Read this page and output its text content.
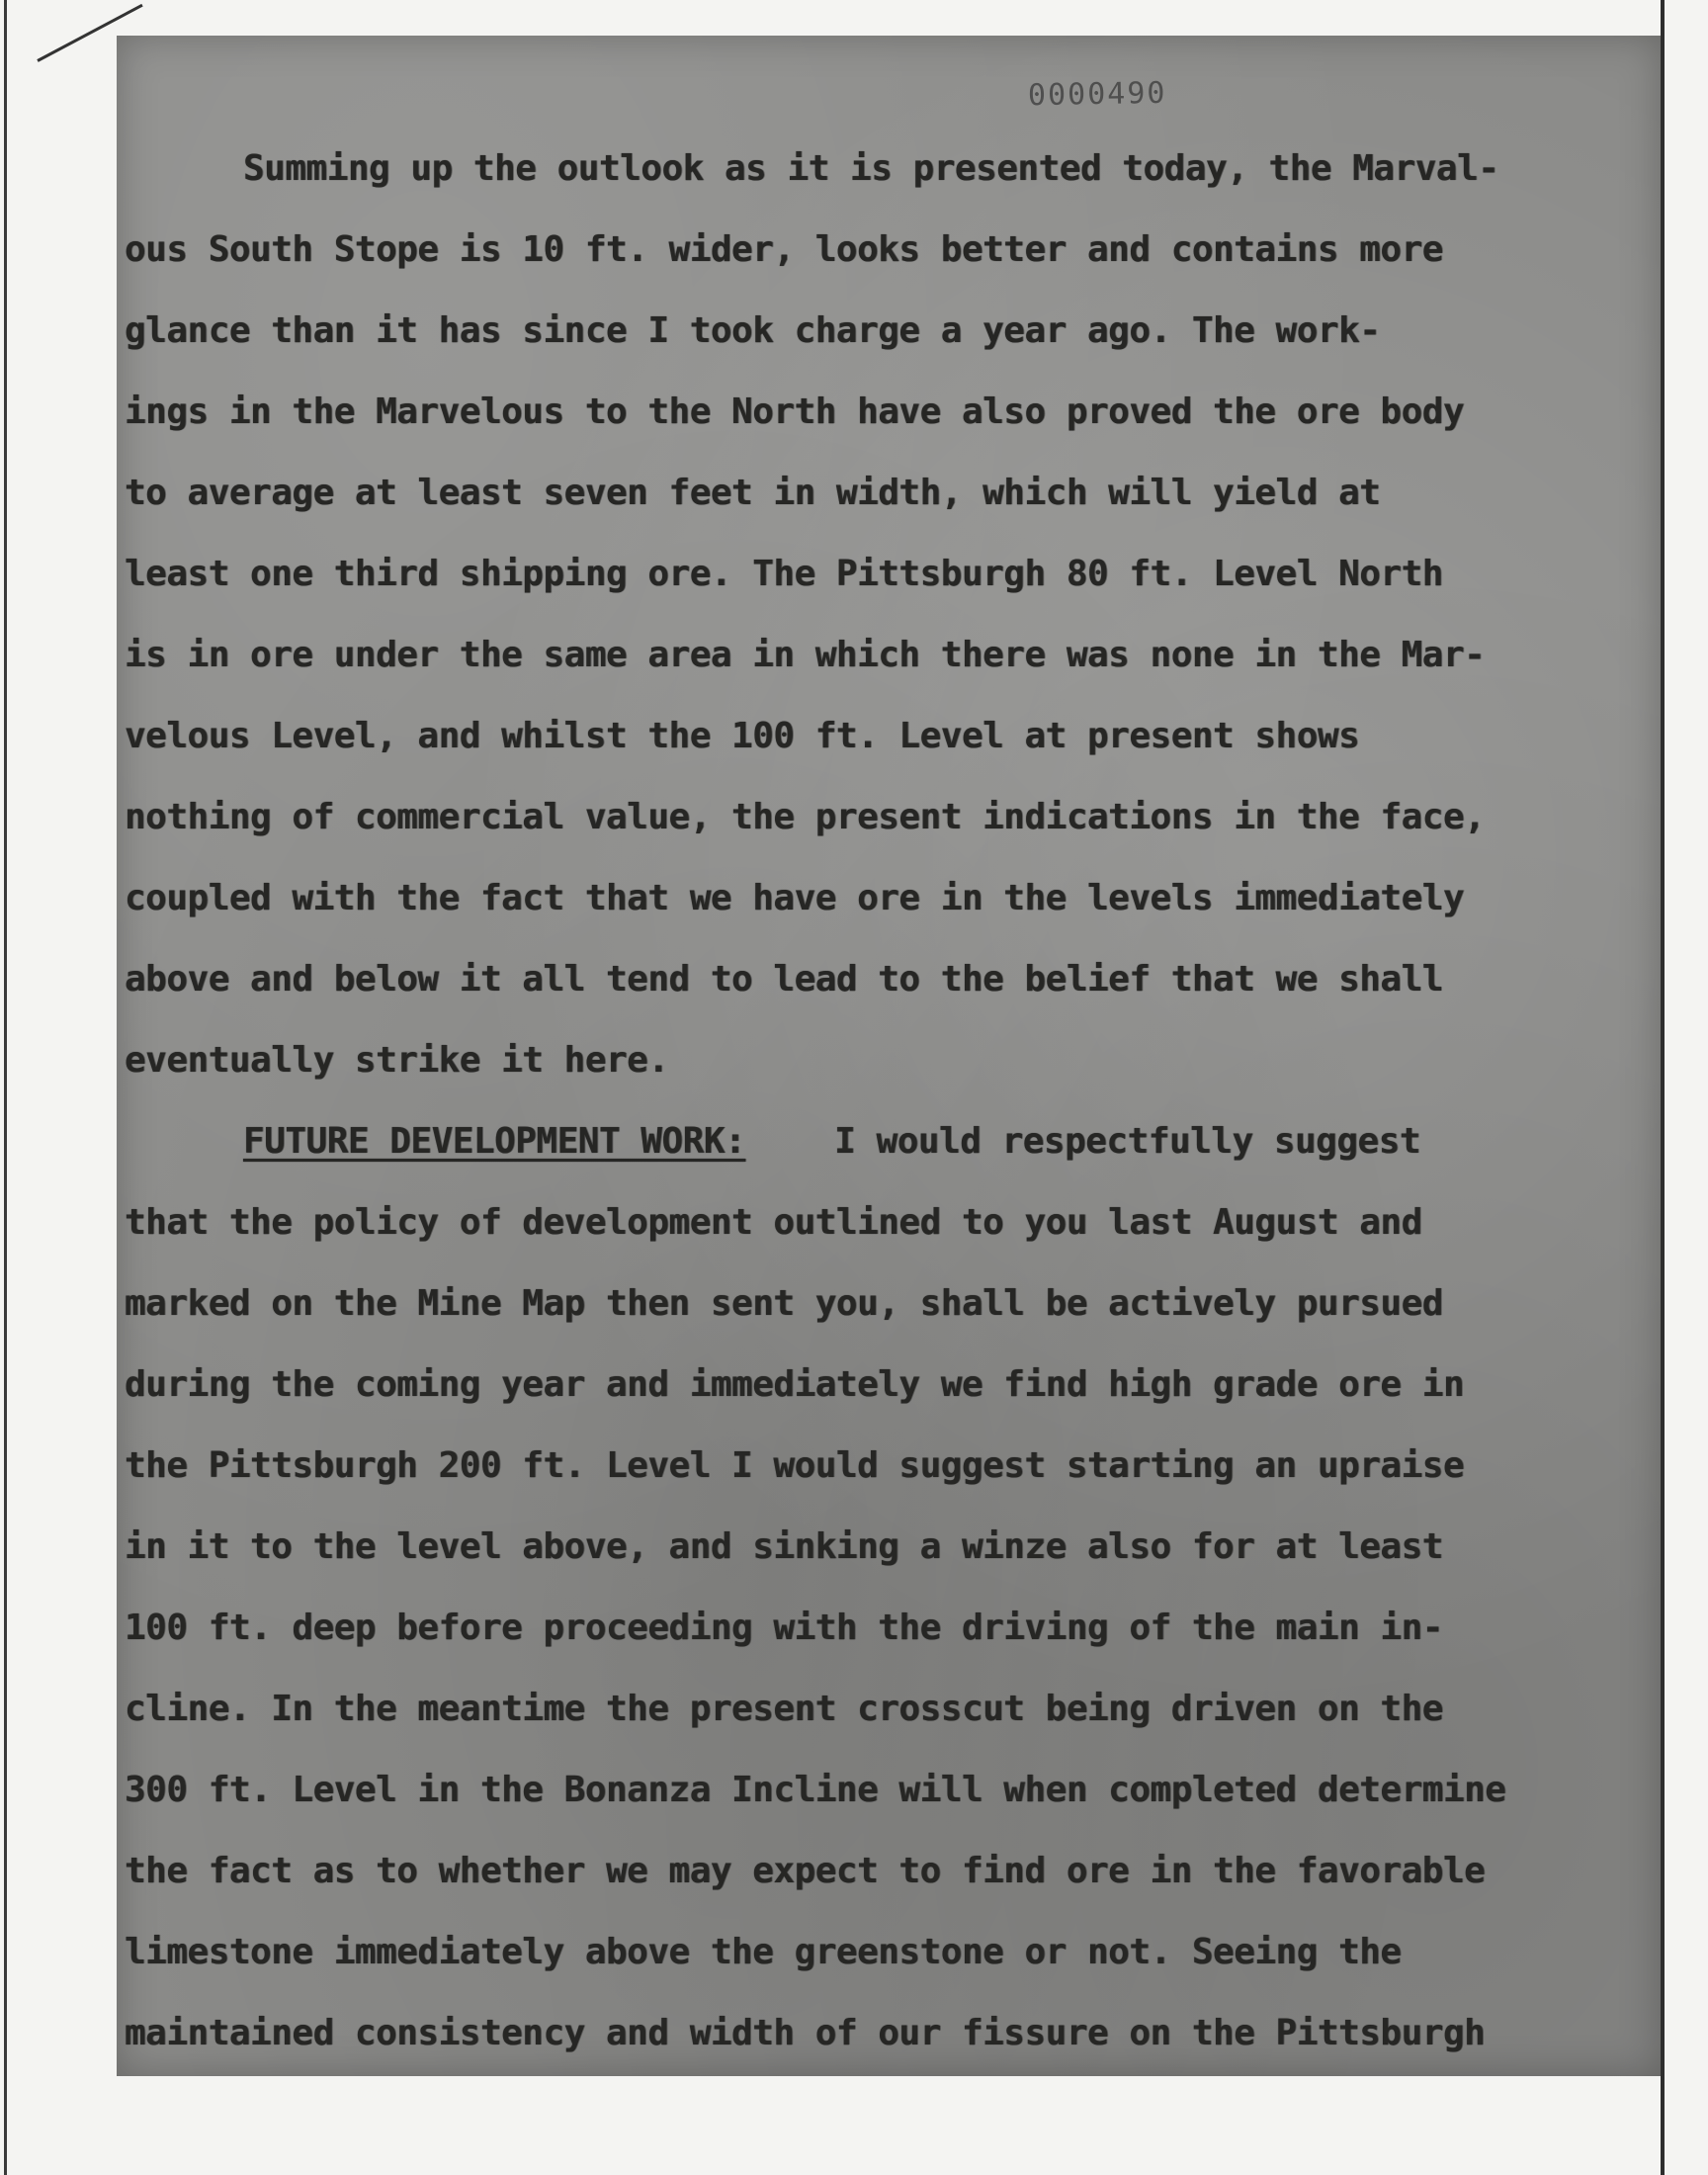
0000490
Summing up the outlook as it is presented today, the Marval-
ous South Stope is 10 ft. wider, looks better and contains more
glance than it has since I took charge a year ago. The work-
ings in the Marvelous to the North have also proved the ore body
to average at least seven feet in width, which will yield at
least one third shipping ore. The Pittsburgh 80 ft. Level North
is in ore under the same area in which there was none in the Mar-
velous Level, and whilst the 100 ft. Level at present shows
nothing of commercial value, the present indications in the face,
coupled with the fact that we have ore in the levels immediately
above and below it all tend to lead to the belief that we shall
eventually strike it here.
FUTURE DEVELOPMENT WORK:	I would respectfully suggest
that the policy of development outlined to you last August and
marked on the Mine Map then sent you, shall be actively pursued
during the coming year and immediately we find high grade ore in
the Pittsburgh 200 ft. Level I would suggest starting an upraise
in it to the level above, and sinking a winze also for at least
100 ft. deep before proceeding with the driving of the main in-
cline. In the meantime the present crosscut being driven on the
300 ft. Level in the Bonanza Incline will when completed determine
the fact as to whether we may expect to find ore in the favorable
limestone immediately above the greenstone or not. Seeing the
maintained consistency and width of our fissure on the Pittsburgh
